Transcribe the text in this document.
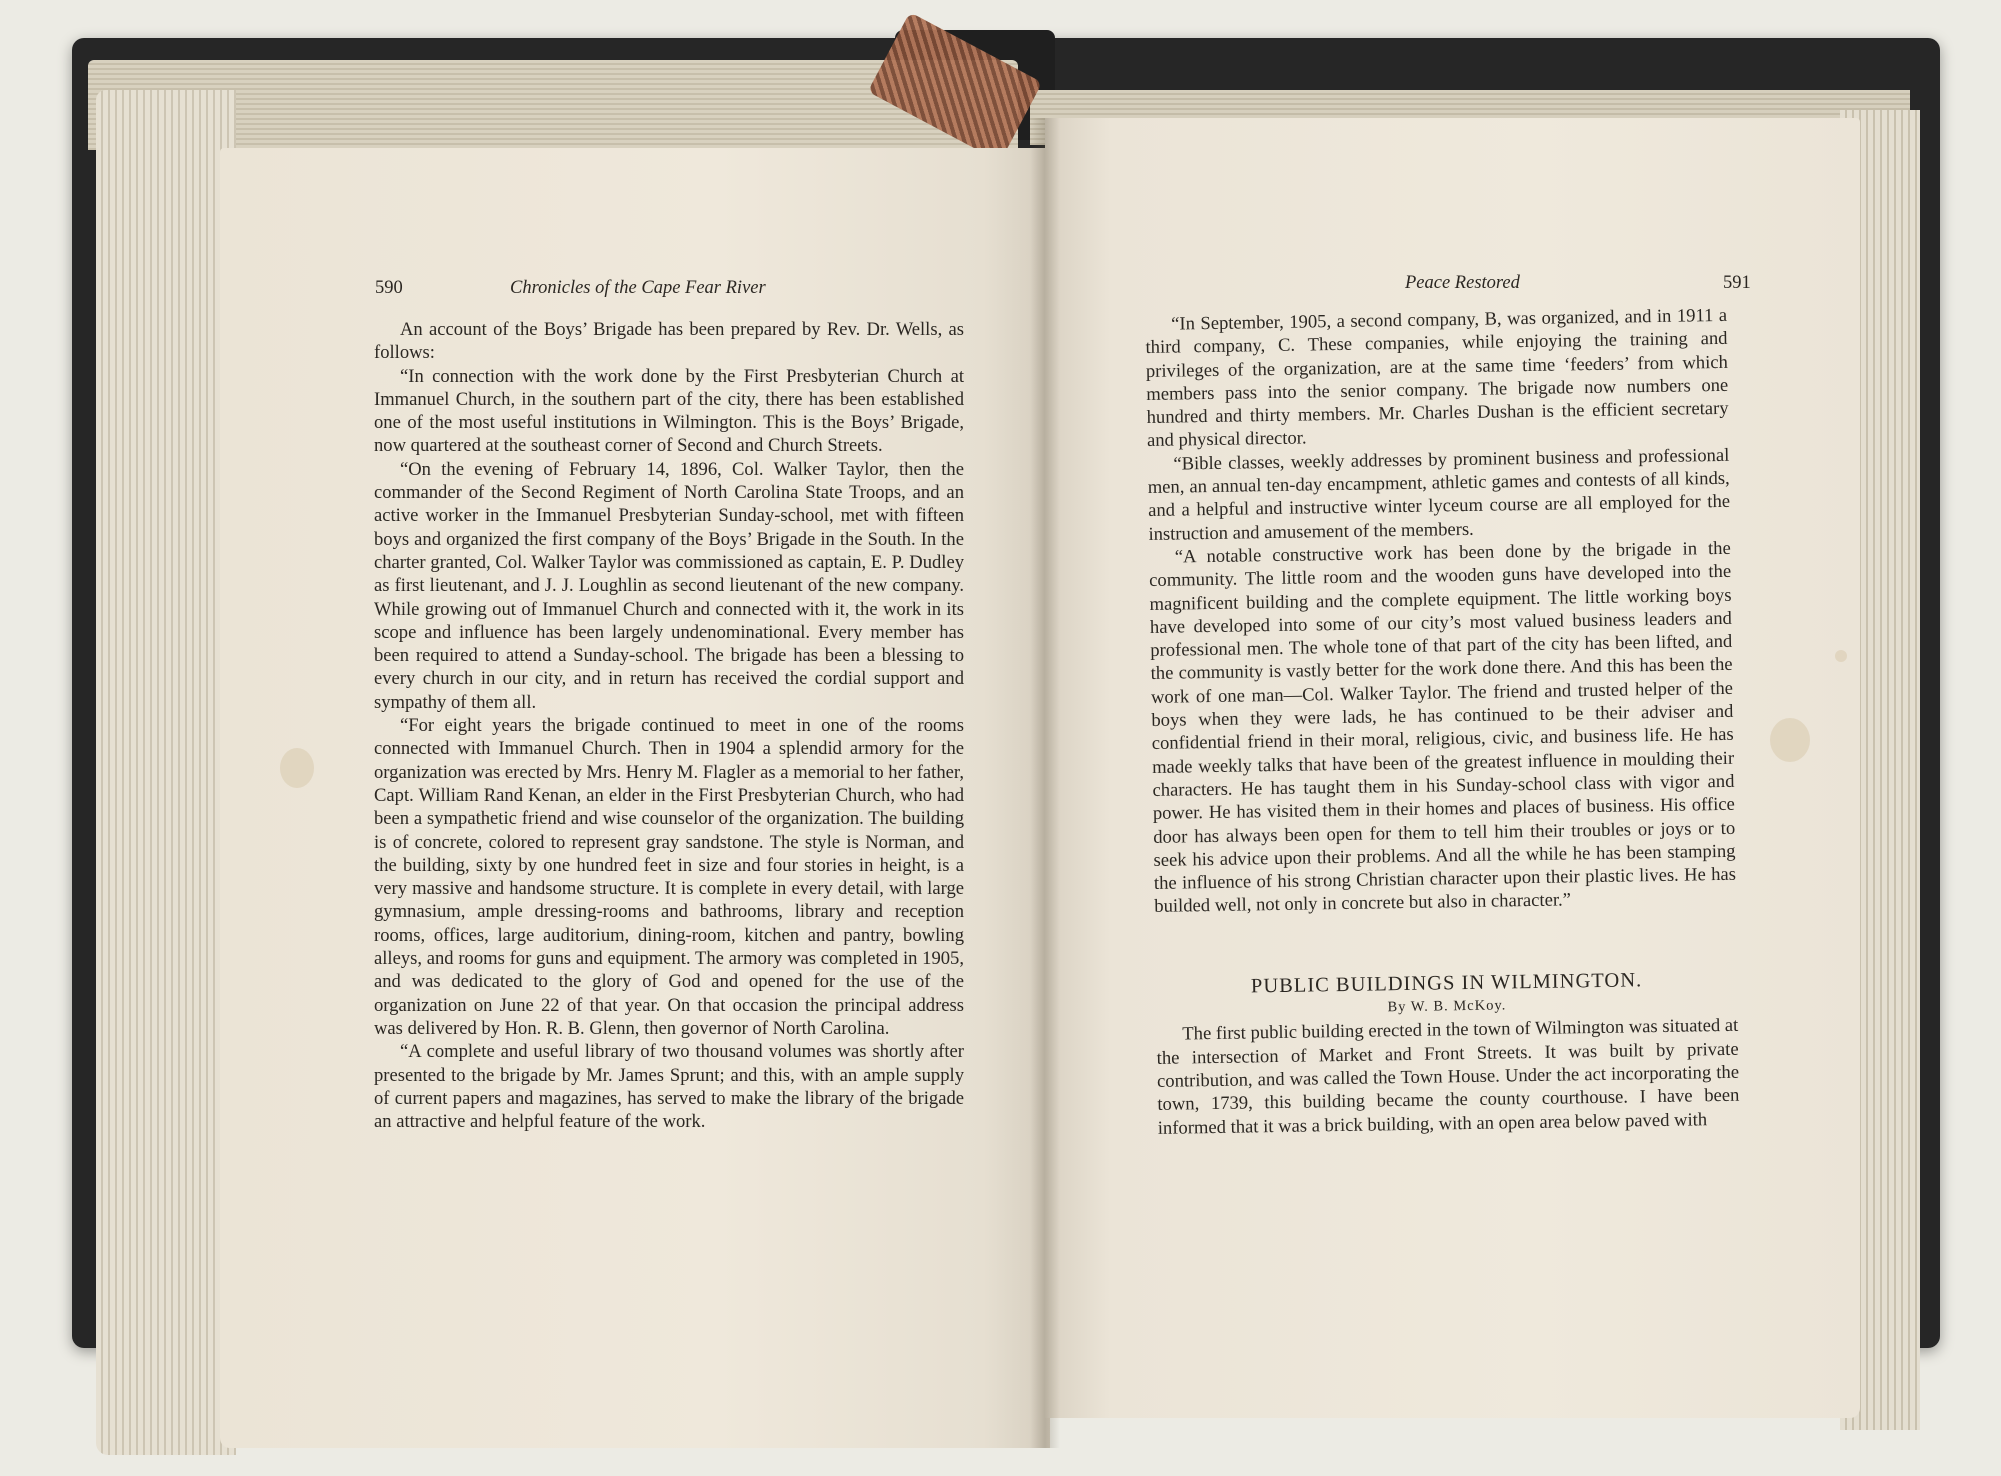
590	Chronicles of the Cape Fear River

An account of the Boys’ Brigade has been prepared by Rev. Dr. Wells, as follows:

“In connection with the work done by the First Presbyterian Church at Immanuel Church, in the southern part of the city, there has been established one of the most useful institutions in Wilmington. This is the Boys’ Brigade, now quartered at the southeast corner of Second and Church Streets.

“On the evening of February 14, 1896, Col. Walker Taylor, then the commander of the Second Regiment of North Carolina State Troops, and an active worker in the Immanuel Presbyterian Sunday-school, met with fifteen boys and organized the first company of the Boys’ Brigade in the South. In the charter granted, Col. Walker Taylor was commissioned as captain, E. P. Dudley as first lieutenant, and J. J. Loughlin as second lieutenant of the new company. While growing out of Immanuel Church and connected with it, the work in its scope and influence has been largely undenominational. Every member has been required to attend a Sunday-school. The brigade has been a blessing to every church in our city, and in return has received the cordial support and sympathy of them all.

“For eight years the brigade continued to meet in one of the rooms connected with Immanuel Church. Then in 1904 a splendid armory for the organization was erected by Mrs. Henry M. Flagler as a memorial to her father, Capt. William Rand Kenan, an elder in the First Presbyterian Church, who had been a sympathetic friend and wise counselor of the organization. The building is of concrete, colored to represent gray sandstone. The style is Norman, and the building, sixty by one hundred feet in size and four stories in height, is a very massive and handsome structure. It is complete in every detail, with large gymnasium, ample dressing-rooms and bathrooms, library and reception rooms, offices, large auditorium, dining-room, kitchen and pantry, bowling alleys, and rooms for guns and equipment. The armory was completed in 1905, and was dedicated to the glory of God and opened for the use of the organization on June 22 of that year. On that occasion the principal address was delivered by Hon. R. B. Glenn, then governor of North Carolina.

“A complete and useful library of two thousand volumes was shortly after presented to the brigade by Mr. James Sprunt; and this, with an ample supply of current papers and magazines, has served to make the library of the brigade an attractive and helpful feature of the work.

Peace Restored	591

“In September, 1905, a second company, B, was organized, and in 1911 a third company, C. These companies, while enjoying the training and privileges of the organization, are at the same time ‘feeders’ from which members pass into the senior company. The brigade now numbers one hundred and thirty members. Mr. Charles Dushan is the efficient secretary and physical director.

“Bible classes, weekly addresses by prominent business and professional men, an annual ten-day encampment, athletic games and contests of all kinds, and a helpful and instructive winter lyceum course are all employed for the instruction and amusement of the members.

“A notable constructive work has been done by the brigade in the community. The little room and the wooden guns have developed into the magnificent building and the complete equipment. The little working boys have developed into some of our city’s most valued business leaders and professional men. The whole tone of that part of the city has been lifted, and the community is vastly better for the work done there. And this has been the work of one man—Col. Walker Taylor. The friend and trusted helper of the boys when they were lads, he has continued to be their adviser and confidential friend in their moral, religious, civic, and business life. He has made weekly talks that have been of the greatest influence in moulding their characters. He has taught them in his Sunday-school class with vigor and power. He has visited them in their homes and places of business. His office door has always been open for them to tell him their troubles or joys or to seek his advice upon their problems. And all the while he has been stamping the influence of his strong Christian character upon their plastic lives. He has builded well, not only in concrete but also in character.”

PUBLIC BUILDINGS IN WILMINGTON.

By W. B. McKoy.

The first public building erected in the town of Wilmington was situated at the intersection of Market and Front Streets. It was built by private contribution, and was called the Town House. Under the act incorporating the town, 1739, this building became the county courthouse. I have been informed that it was a brick building, with an open area below paved with
